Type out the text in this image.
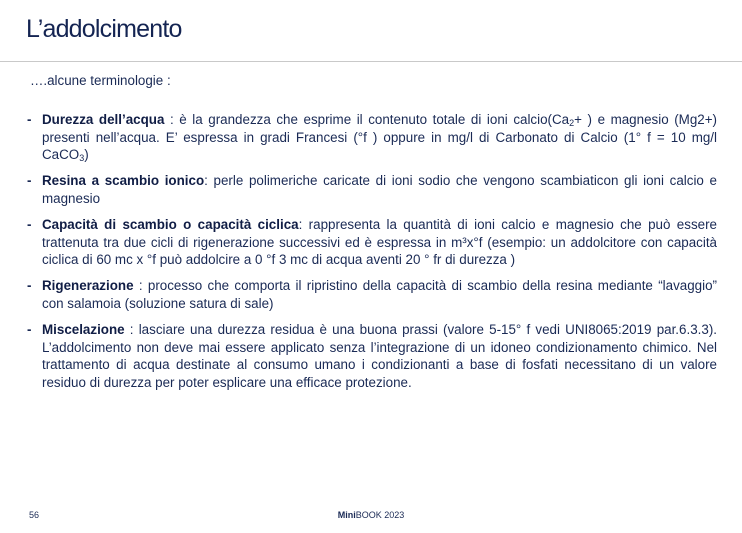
L’addolcimento

….alcune terminologie :

- Durezza dell’acqua : è la grandezza che esprime il contenuto totale di ioni $calcio(Ca_2+$ ) e magnesio (Mg2+) presenti nell’acqua. E’ espressa in gradi Francesi (°f ) oppure in mg/l di Carbonato di Calcio (1° f = 10 mg/l CaCO$_3$)
- Resina a scambio ionico: perle polimeriche caricate di ioni sodio che vengono scambiaticon gli ioni calcio e magnesio
- Capacità di scambio o capacità ciclica: rappresenta la quantità di ioni calcio e magnesio che può essere trattenuta tra due cicli di rigenerazione successivi ed è espressa in m³x°f (esempio: un addolcitore con capacità ciclica di 60 mc x °f può addolcire a 0 °f 3 mc di acqua aventi 20 ° fr di durezza )
- Rigenerazione : processo che comporta il ripristino della capacità di scambio della resina mediante “lavaggio” con salamoia (soluzione satura di sale)
- Miscelazione : lasciare una durezza residua è una buona prassi (valore 5-15° f vedi UNI8065:2019 par.6.3.3). L’addolcimento non deve mai essere applicato senza l’integrazione di un idoneo condizionamento chimico. Nel trattamento di acqua destinate al consumo umano i condizionanti a base di fosfati necessitano di un valore residuo di durezza per poter esplicare una efficace protezione.
56	MiniBOOK 2023
